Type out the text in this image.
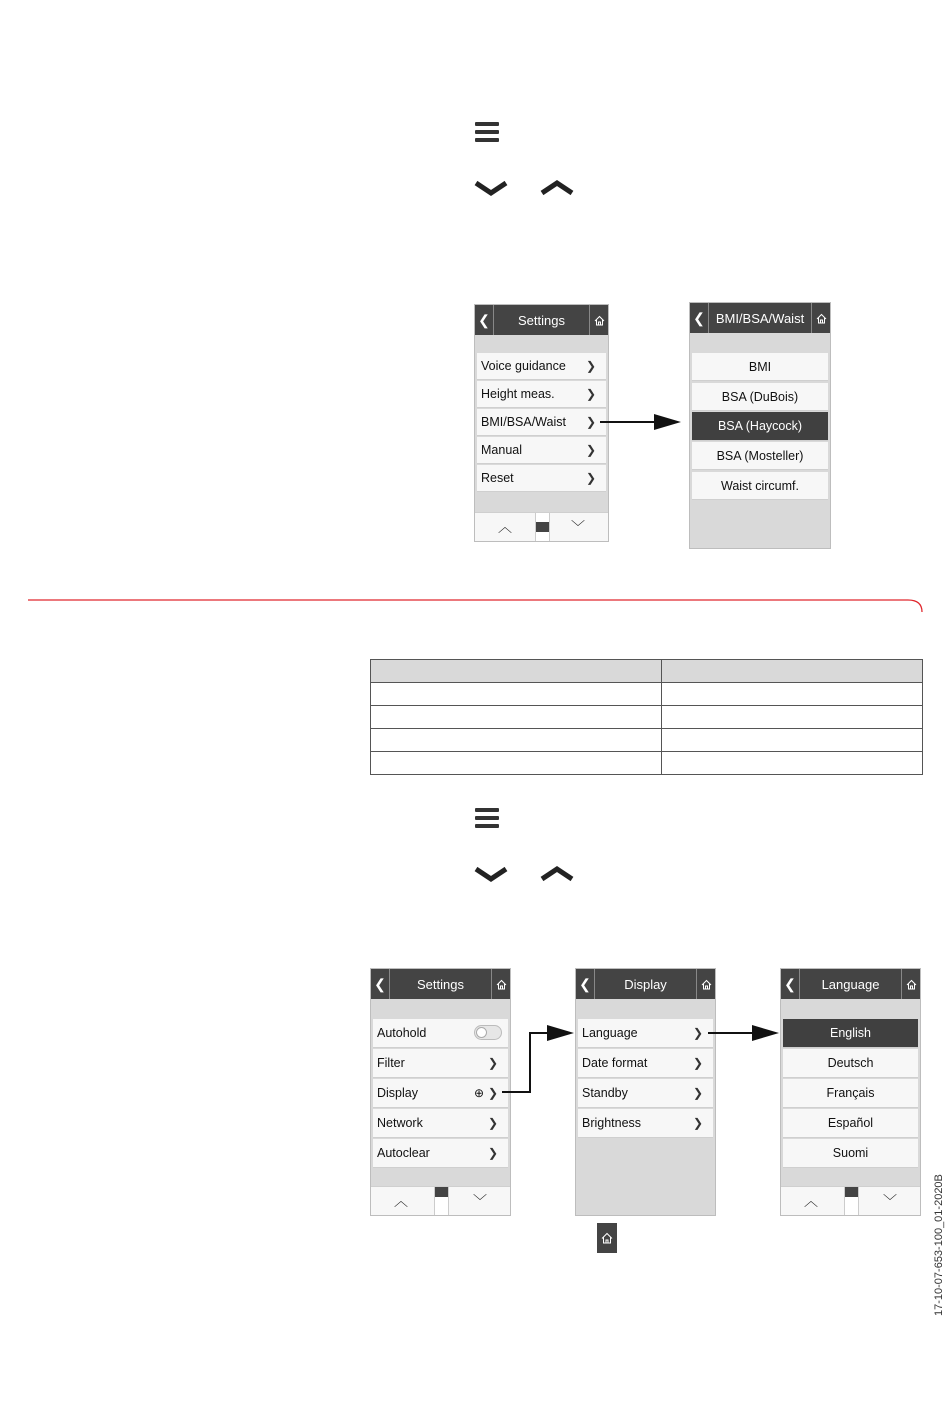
❮	Settings
Voice guidance ❯
Height meas.	❯
BMI/BSA/Waist ❯
Manual	❯
Reset	❯
︿	﹀
❮ BMI/BSA/Waist
BMI
BSA (DuBois)
BSA (Haycock)
BSA (Mosteller)
Waist circumf.

❮	Settings
Autohold
Filter	❯
Display	⊕ ❯
Network	❯
Autoclear	❯
︿	﹀
❮	Display
Language	❯
Date format	❯
Standby	❯
Brightness	❯
❮	Language
English
Deutsch
Français
Español
Suomi
︿	﹀	17-10-07-653-100_01-2020B
